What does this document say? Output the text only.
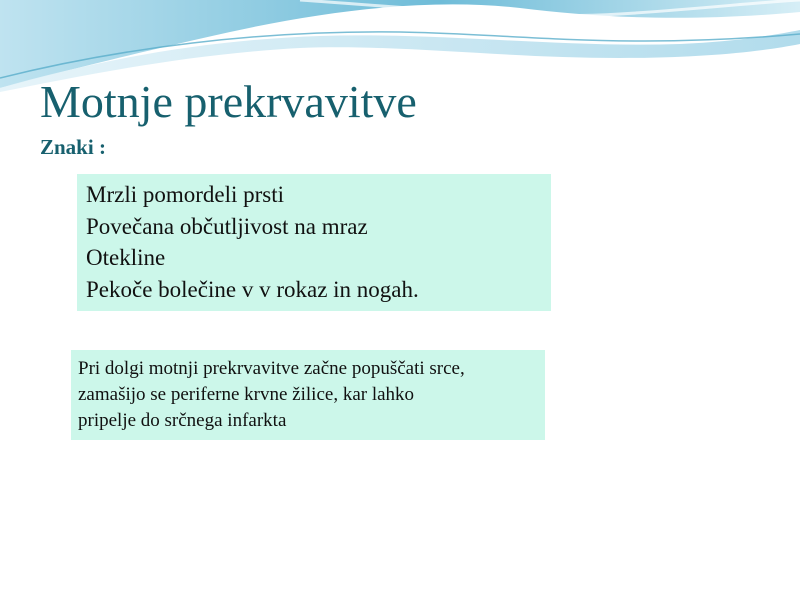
Motnje prekrvavitve
Znaki :
Mrzli pomordeli prsti
Povečana občutljivost na mraz
Otekline
Pekoče bolečine v v rokaz in nogah.
Pri dolgi motnji prekrvavitve začne popuščati srce,
zamašijo se periferne krvne žilice, kar lahko
pripelje do srčnega infarkta
